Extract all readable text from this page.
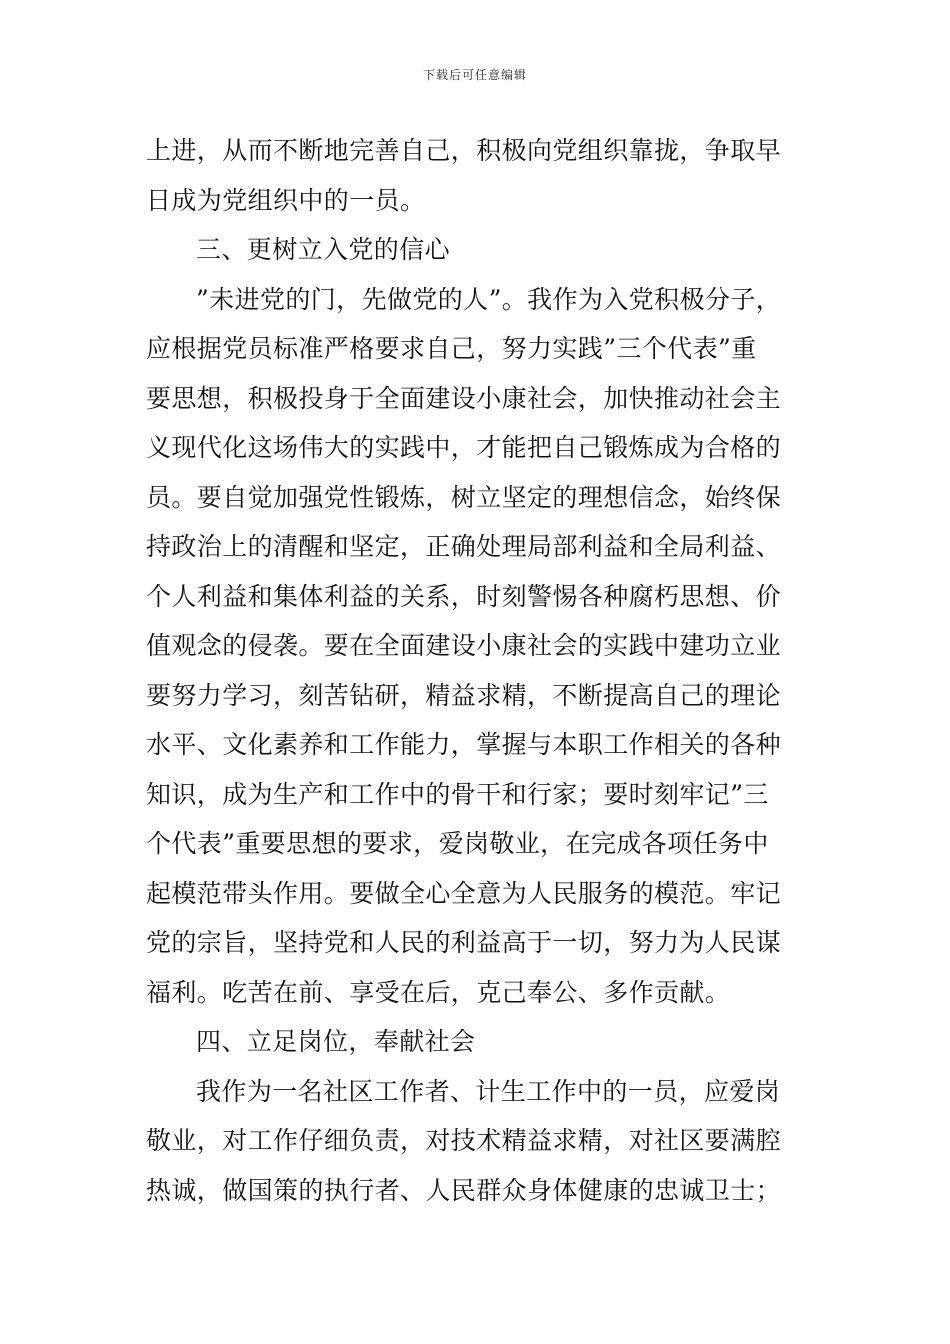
下载后可任意编辑
上进，从而不断地完善自己，积极向党组织靠拢，争取早
日成为党组织中的一员。
三、更树立入党的信心
”未进党的门，先做党的人”。我作为入党积极分子，
应根据党员标准严格要求自己，努力实践”三个代表”重
要思想，积极投身于全面建设小康社会，加快推动社会主
义现代化这场伟大的实践中，才能把自己锻炼成为合格的
员。要自觉加强党性锻炼，树立坚定的理想信念，始终保
持政治上的清醒和坚定，正确处理局部利益和全局利益、
个人利益和集体利益的关系，时刻警惕各种腐朽思想、价
值观念的侵袭。要在全面建设小康社会的实践中建功立业
要努力学习，刻苦钻研，精益求精，不断提高自己的理论
水平、文化素养和工作能力，掌握与本职工作相关的各种
知识，成为生产和工作中的骨干和行家；要时刻牢记”三
个代表”重要思想的要求，爱岗敬业，在完成各项任务中
起模范带头作用。要做全心全意为人民服务的模范。牢记
党的宗旨，坚持党和人民的利益高于一切，努力为人民谋
福利。吃苦在前、享受在后，克己奉公、多作贡献。
四、立足岗位，奉献社会
我作为一名社区工作者、计生工作中的一员，应爱岗
敬业，对工作仔细负责，对技术精益求精，对社区要满腔
热诚，做国策的执行者、人民群众身体健康的忠诚卫士；
